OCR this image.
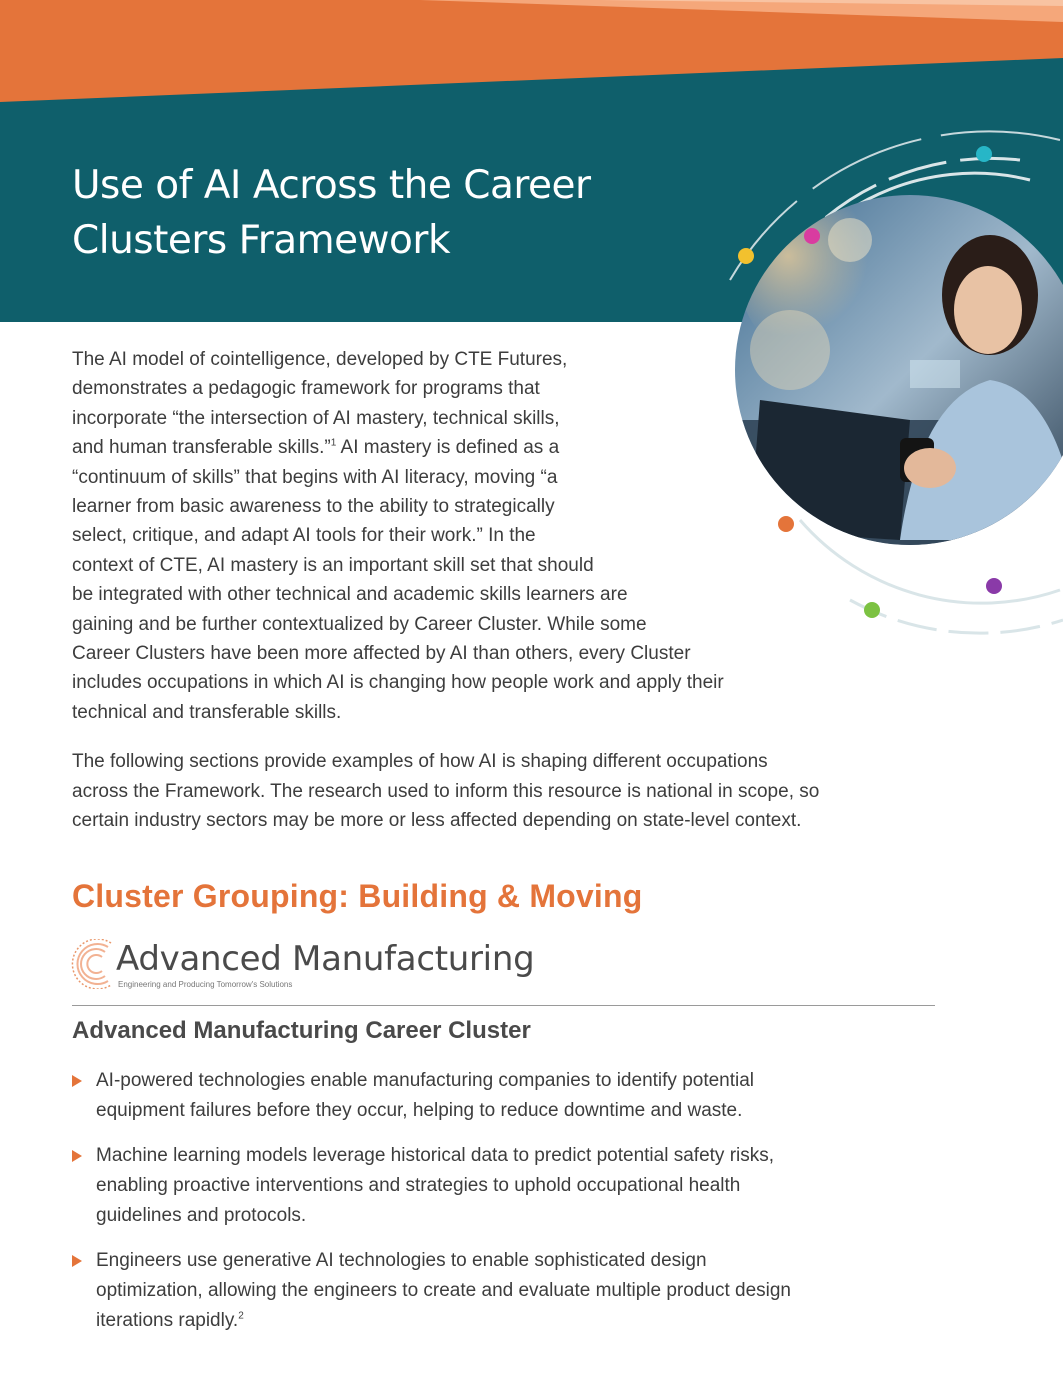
Use of AI Across the Career
Clusters Framework

The AI model of cointelligence, developed by CTE Futures,
demonstrates a pedagogic framework for programs that
incorporate “the intersection of AI mastery, technical skills,
and human transferable skills.”$^1$ AI mastery is defined as a
“continuum of skills” that begins with AI literacy, moving “a
learner from basic awareness to the ability to strategically
select, critique, and adapt AI tools for their work.” In the
context of CTE, AI mastery is an important skill set that should
be integrated with other technical and academic skills learners are
gaining and be further contextualized by Career Cluster. While some
Career Clusters have been more affected by AI than others, every Cluster
includes occupations in which AI is changing how people work and apply their
technical and transferable skills.

The following sections provide examples of how AI is shaping different occupations
across the Framework. The research used to inform this resource is national in scope, so
certain industry sectors may be more or less affected depending on state-level context.

Cluster Grouping: Building & Moving
Advanced Manufacturing
Engineering and Producing Tomorrow's Solutions
Advanced Manufacturing Career Cluster
AI-powered technologies enable manufacturing companies to identify potential
equipment failures before they occur, helping to reduce downtime and waste.
Machine learning models leverage historical data to predict potential safety risks,
enabling proactive interventions and strategies to uphold occupational health
guidelines and protocols.
Engineers use generative AI technologies to enable sophisticated design
optimization, allowing the engineers to create and evaluate multiple product design
iterations rapidly.$^2$
